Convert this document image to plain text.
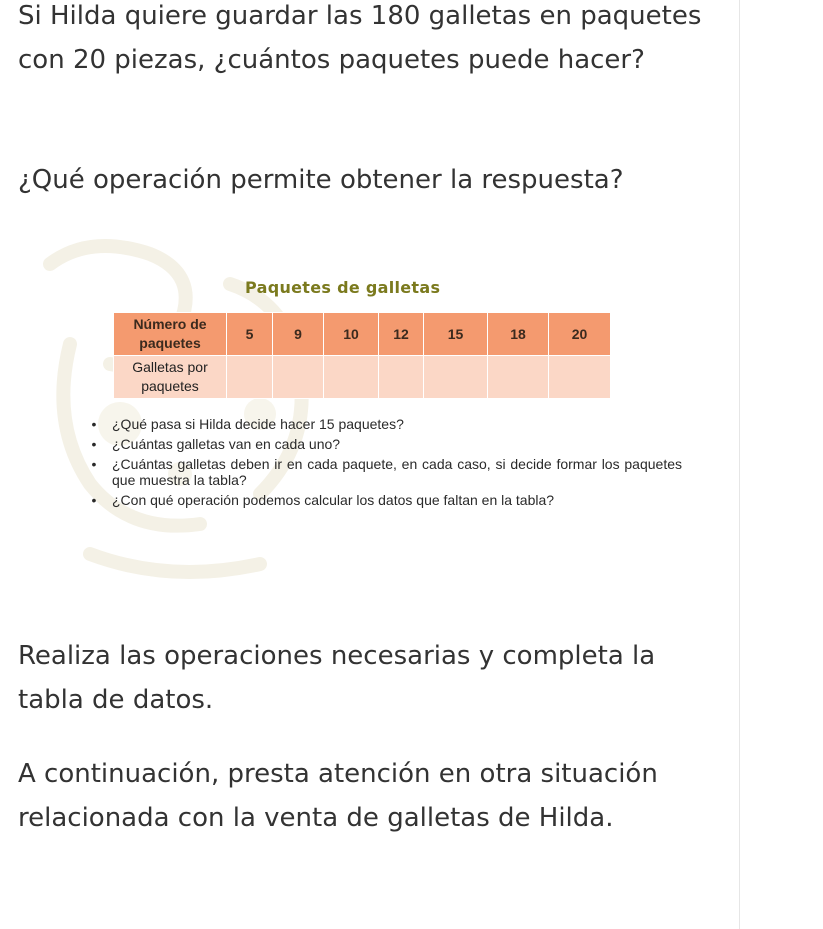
Si Hilda quiere guardar las 180 galletas en paquetes con 20 piezas, ¿cuántos paquetes puede hacer?

¿Qué operación permite obtener la respuesta?

Paquetes de galletas
Número de paquetes	5	9	10	12	15	18	20
Galletas por paquetes							
• ¿Qué pasa si Hilda decide hacer 15 paquetes?
• ¿Cuántas galletas van en cada uno?
• ¿Cuántas galletas deben ir en cada paquete, en cada caso, si decide formar los paquetes que muestra la tabla?
• ¿Con qué operación podemos calcular los datos que faltan en la tabla?

Realiza las operaciones necesarias y completa la tabla de datos.

A continuación, presta atención en otra situación relacionada con la venta de galletas de Hilda.
